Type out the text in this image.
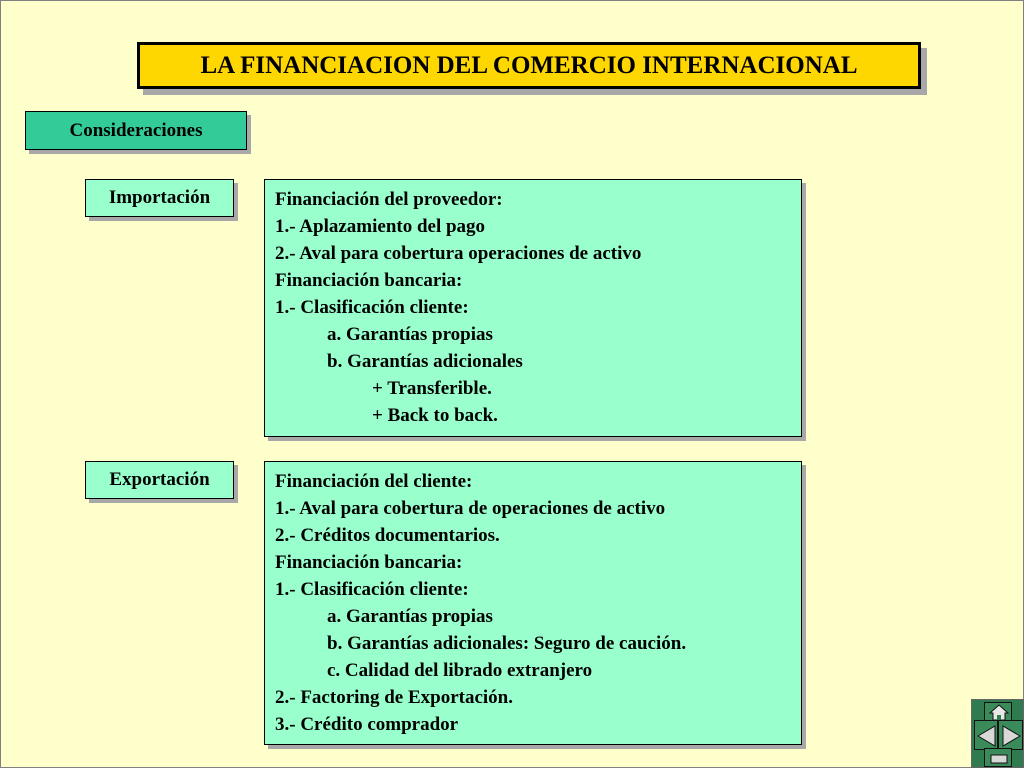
LA FINANCIACION DEL COMERCIO INTERNACIONAL
Consideraciones
Importación	Financiación del proveedor:
1.- Aplazamiento del pago
2.- Aval para cobertura operaciones de activo
Financiación bancaria:
1.- Clasificación cliente:
a. Garantías propias
b. Garantías adicionales
+ Transferible.
+ Back to back.
Exportación	Financiación del cliente:
1.- Aval para cobertura de operaciones de activo
2.- Créditos documentarios.
Financiación bancaria:
1.- Clasificación cliente:
a. Garantías propias
b. Garantías adicionales: Seguro de caución.
c. Calidad del librado extranjero
2.- Factoring de Exportación.
3.- Crédito comprador
